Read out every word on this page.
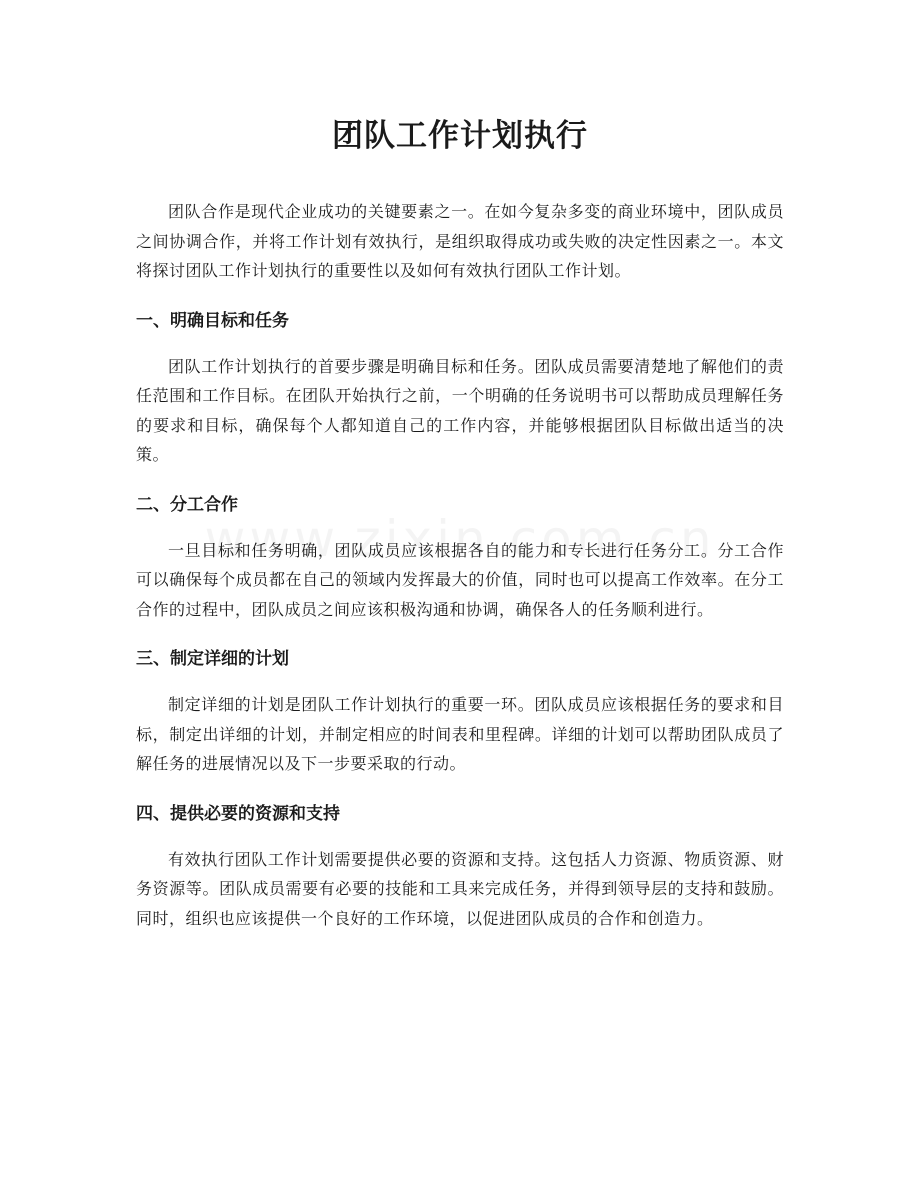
团队工作计划执行

团队合作是现代企业成功的关键要素之一。在如今复杂多变的商业环境中，团队成员之间协调合作，并将工作计划有效执行，是组织取得成功或失败的决定性因素之一。本文将探讨团队工作计划执行的重要性以及如何有效执行团队工作计划。

一、明确目标和任务

团队工作计划执行的首要步骤是明确目标和任务。团队成员需要清楚地了解他们的责任范围和工作目标。在团队开始执行之前，一个明确的任务说明书可以帮助成员理解任务的要求和目标，确保每个人都知道自己的工作内容，并能够根据团队目标做出适当的决策。

二、分工合作

一旦目标和任务明确，团队成员应该根据各自的能力和专长进行任务分工。分工合作可以确保每个成员都在自己的领域内发挥最大的价值，同时也可以提高工作效率。在分工合作的过程中，团队成员之间应该积极沟通和协调，确保各人的任务顺利进行。

三、制定详细的计划

制定详细的计划是团队工作计划执行的重要一环。团队成员应该根据任务的要求和目标，制定出详细的计划，并制定相应的时间表和里程碑。详细的计划可以帮助团队成员了解任务的进展情况以及下一步要采取的行动。

四、提供必要的资源和支持

有效执行团队工作计划需要提供必要的资源和支持。这包括人力资源、物质资源、财务资源等。团队成员需要有必要的技能和工具来完成任务，并得到领导层的支持和鼓励。同时，组织也应该提供一个良好的工作环境，以促进团队成员的合作和创造力。
